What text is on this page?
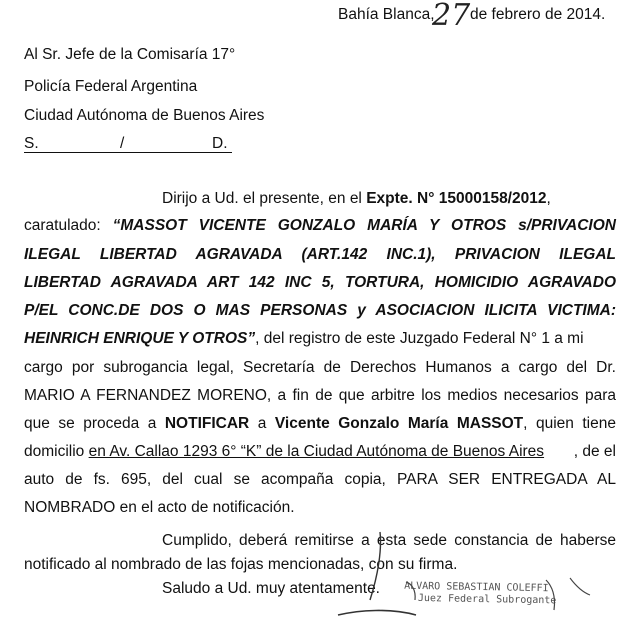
Bahía Blanca,
27 de febrero de 2014.
Al Sr. Jefe de la Comisaría 17°
Policía Federal Argentina
Ciudad Autónoma de Buenos Aires
S.	/	D.
Dirijo a Ud. el presente, en el Expte. N° 15000158/2012,
caratulado: “MASSOT VICENTE GONZALO MARÍA Y OTROS s/PRIVACION
ILEGAL LIBERTAD AGRAVADA (ART.142 INC.1), PRIVACION ILEGAL
LIBERTAD AGRAVADA ART 142 INC 5, TORTURA, HOMICIDIO AGRAVADO
P/EL CONC.DE DOS O MAS PERSONAS y ASOCIACION ILICITA VICTIMA:
HEINRICH ENRIQUE Y OTROS”, del registro de este Juzgado Federal N° 1 a mi
cargo por subrogancia legal, Secretaría de Derechos Humanos a cargo del Dr.
MARIO A FERNANDEZ MORENO, a fin de que arbitre los medios necesarios para
que se proceda a NOTIFICAR a Vicente Gonzalo María MASSOT, quien tiene
domicilio en Av. Callao 1293 6° “K” de la Ciudad Autónoma de Buenos Aires , de el
auto de fs. 695, del cual se acompaña copia, PARA SER ENTREGADA AL
NOMBRADO en el acto de notificación.
Cumplido, deberá remitirse a esta sede constancia de haberse
notificado al nombrado de las fojas mencionadas, con su firma.
Saludo a Ud. muy atentamente. ALVARO SEBASTIAN COLEFFI
Juez Federal Subrogante
